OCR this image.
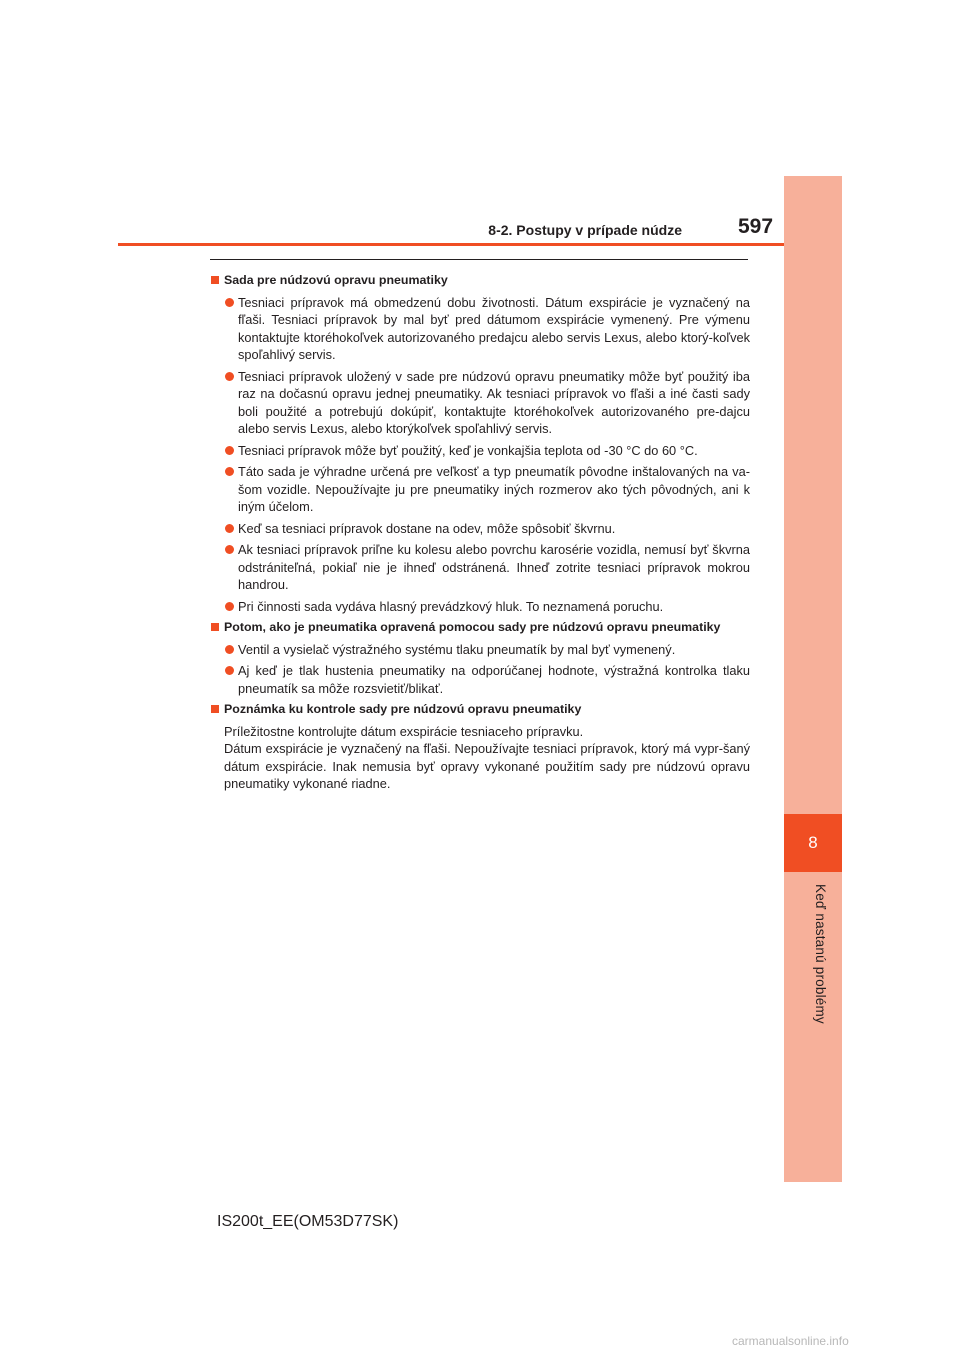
8
Keď nastanú problémy
8-2. Postupy v prípade núdze	597
Sada pre núdzovú opravu pneumatiky
Tesniaci prípravok má obmedzenú dobu životnosti. Dátum exspirácie je vyznačený na fľaši. Tesniaci prípravok by mal byť pred dátumom exspirácie vymenený. Pre výmenu kontaktujte ktoréhokoľvek autorizovaného predajcu alebo servis Lexus, alebo ktorý-koľvek spoľahlivý servis.
Tesniaci prípravok uložený v sade pre núdzovú opravu pneumatiky môže byť použitý iba raz na dočasnú opravu jednej pneumatiky. Ak tesniaci prípravok vo fľaši a iné časti sady boli použité a potrebujú dokúpiť, kontaktujte ktoréhokoľvek autorizovaného pre-dajcu alebo servis Lexus, alebo ktorýkoľvek spoľahlivý servis.
Tesniaci prípravok môže byť použitý, keď je vonkajšia teplota od -30 °C do 60 °C.
Táto sada je výhradne určená pre veľkosť a typ pneumatík pôvodne inštalovaných na va-šom vozidle. Nepoužívajte ju pre pneumatiky iných rozmerov ako tých pôvodných, ani k iným účelom.
Keď sa tesniaci prípravok dostane na odev, môže spôsobiť škvrnu.
Ak tesniaci prípravok priľne ku kolesu alebo povrchu karosérie vozidla, nemusí byť škvrna odstrániteľná, pokiaľ nie je ihneď odstránená. Ihneď zotrite tesniaci prípravok mokrou handrou.
Pri činnosti sada vydáva hlasný prevádzkový hluk. To neznamená poruchu.
Potom, ako je pneumatika opravená pomocou sady pre núdzovú opravu pneumatiky
Ventil a vysielač výstražného systému tlaku pneumatík by mal byť vymenený.
Aj keď je tlak hustenia pneumatiky na odporúčanej hodnote, výstražná kontrolka tlaku pneumatík sa môže rozsvietiť/blikať.
Poznámka ku kontrole sady pre núdzovú opravu pneumatiky
Príležitostne kontrolujte dátum exspirácie tesniaceho prípravku.
Dátum exspirácie je vyznačený na fľaši. Nepoužívajte tesniaci prípravok, ktorý má vypr-šaný dátum exspirácie. Inak nemusia byť opravy vykonané použitím sady pre núdzovú opravu pneumatiky vykonané riadne.
IS200t_EE(OM53D77SK)
carmanualsonline.info
